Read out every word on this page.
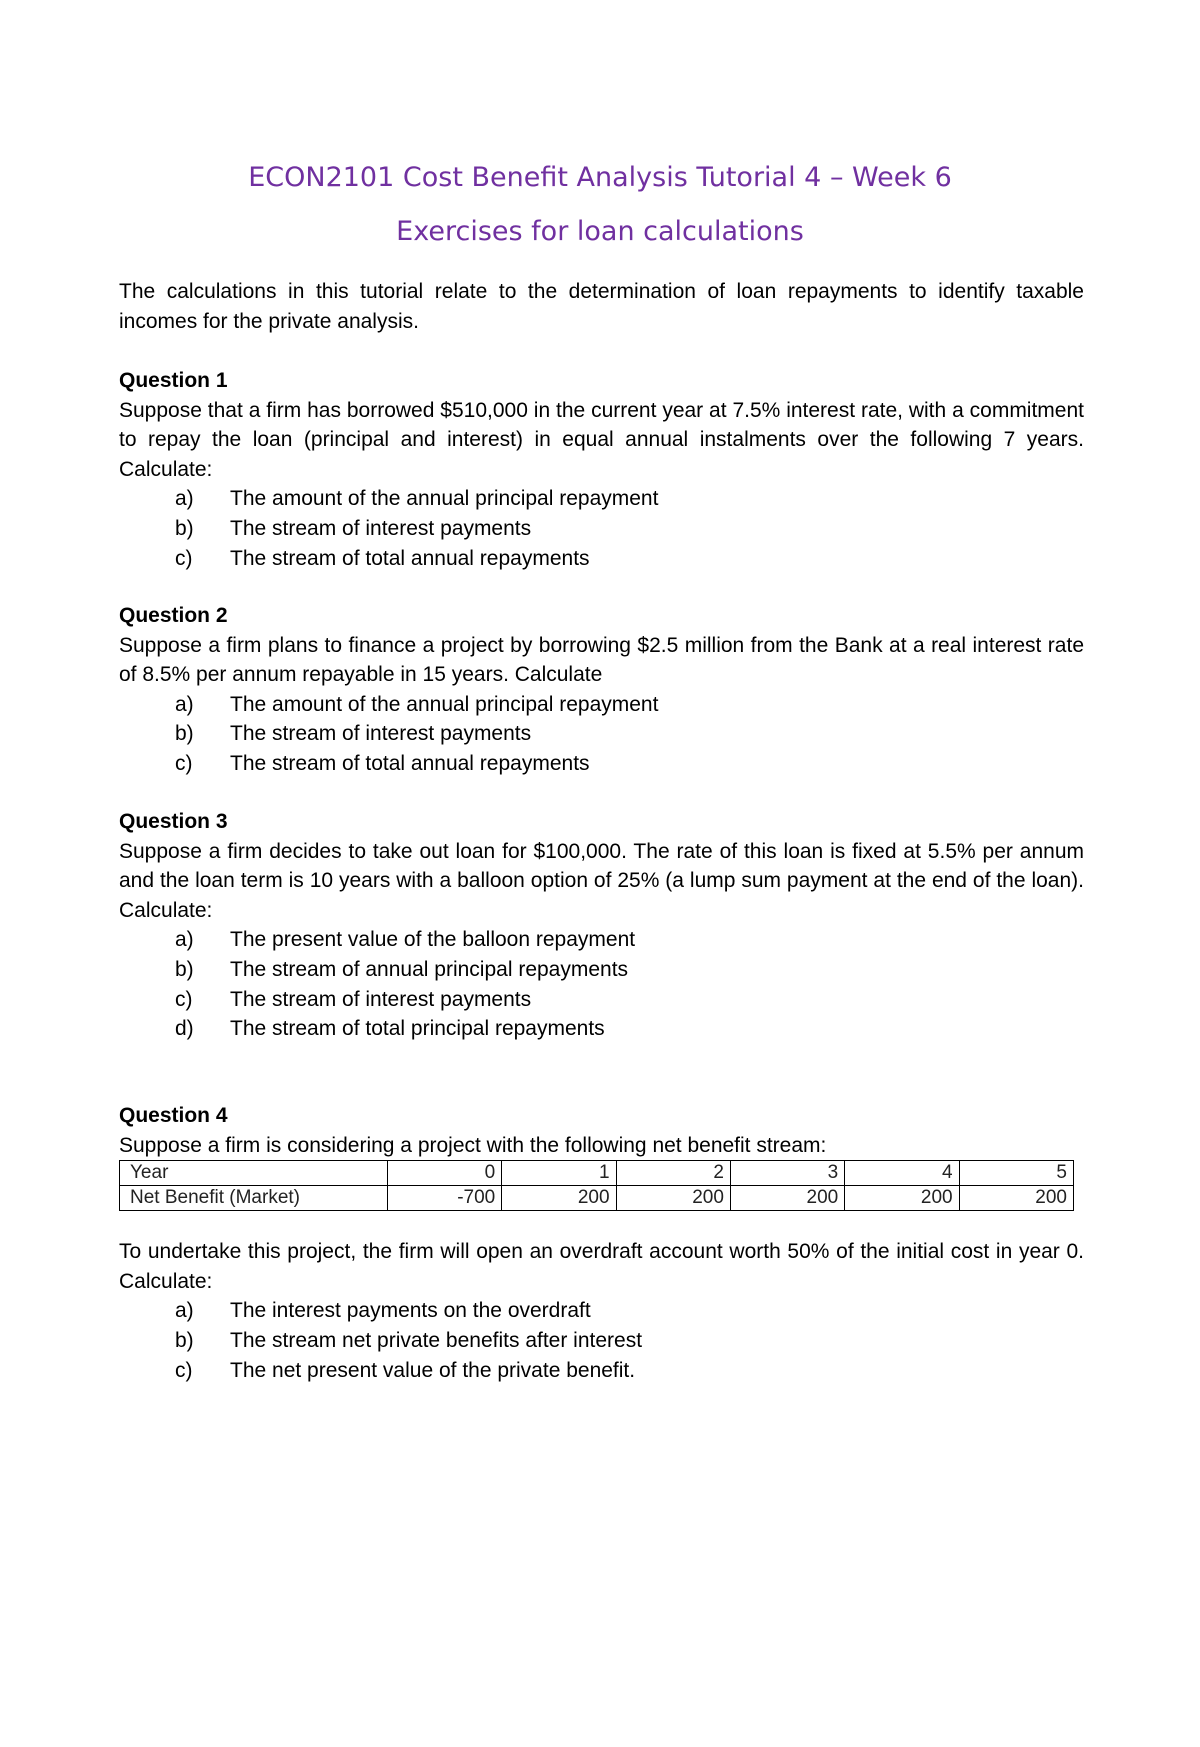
ECON2101 Cost Benefit Analysis Tutorial 4 – Week 6
Exercises for loan calculations

The calculations in this tutorial relate to the determination of loan repayments to identify taxable incomes for the private analysis.

Question 1

Suppose that a firm has borrowed $510,000 in the current year at 7.5% interest rate, with a commitment to repay the loan (principal and interest) in equal annual instalments over the following 7 years. Calculate:

a) The amount of the annual principal repayment
b) The stream of interest payments
c) The stream of total annual repayments

Question 2

Suppose a firm plans to finance a project by borrowing $2.5 million from the Bank at a real interest rate of 8.5% per annum repayable in 15 years. Calculate

a) The amount of the annual principal repayment
b) The stream of interest payments
c) The stream of total annual repayments

Question 3

Suppose a firm decides to take out loan for $100,000. The rate of this loan is fixed at 5.5% per annum and the loan term is 10 years with a balloon option of 25% (a lump sum payment at the end of the loan). Calculate:

a) The present value of the balloon repayment
b) The stream of annual principal repayments
c) The stream of interest payments
d) The stream of total principal repayments

Question 4

Suppose a firm is considering a project with the following net benefit stream:

Year	0	1	2	3	4	5
Net Benefit (Market)	-700	200	200	200	200	200

To undertake this project, the firm will open an overdraft account worth 50% of the initial cost in year 0. Calculate:

a) The interest payments on the overdraft
b) The stream net private benefits after interest
c) The net present value of the private benefit.
